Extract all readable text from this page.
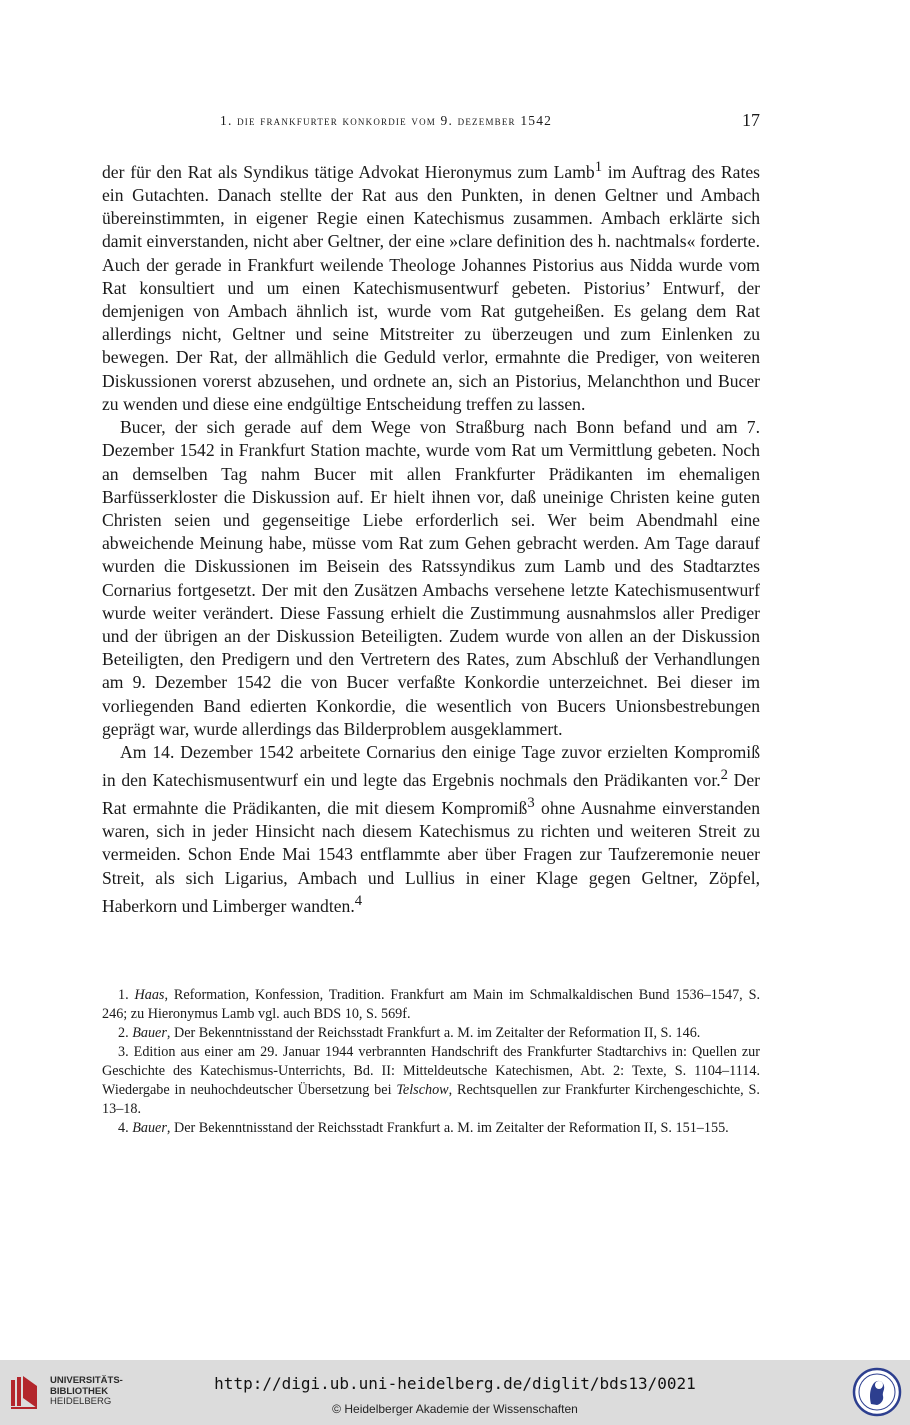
1. die frankfurter konkordie vom 9. dezember 1542	17

der für den Rat als Syndikus tätige Advokat Hieronymus zum Lamb$^1$ im Auftrag des Rates ein Gutachten. Danach stellte der Rat aus den Punkten, in denen Geltner und Ambach übereinstimmten, in eigener Regie einen Katechismus zusammen. Ambach erklärte sich damit einverstanden, nicht aber Geltner, der eine »clare definition des h. nachtmals« forderte. Auch der gerade in Frankfurt weilende Theologe Johannes Pistorius aus Nidda wurde vom Rat konsultiert und um einen Katechismusentwurf gebeten. Pistorius’ Entwurf, der demjenigen von Ambach ähnlich ist, wurde vom Rat gutgeheißen. Es gelang dem Rat allerdings nicht, Geltner und seine Mitstreiter zu überzeugen und zum Einlenken zu bewegen. Der Rat, der allmählich die Geduld verlor, ermahnte die Prediger, von weiteren Diskussionen vorerst abzusehen, und ordnete an, sich an Pistorius, Melanchthon und Bucer zu wenden und diese eine endgültige Entscheidung treffen zu lassen.

Bucer, der sich gerade auf dem Wege von Straßburg nach Bonn befand und am 7. Dezember 1542 in Frankfurt Station machte, wurde vom Rat um Vermittlung gebeten. Noch an demselben Tag nahm Bucer mit allen Frankfurter Prädikanten im ehemaligen Barfüsserkloster die Diskussion auf. Er hielt ihnen vor, daß uneinige Christen keine guten Christen seien und gegenseitige Liebe erforderlich sei. Wer beim Abendmahl eine abweichende Meinung habe, müsse vom Rat zum Gehen gebracht werden. Am Tage darauf wurden die Diskussionen im Beisein des Ratssyndikus zum Lamb und des Stadtarztes Cornarius fortgesetzt. Der mit den Zusätzen Ambachs versehene letzte Katechismusentwurf wurde weiter verändert. Diese Fassung erhielt die Zustimmung ausnahmslos aller Prediger und der übrigen an der Diskussion Beteiligten. Zudem wurde von allen an der Diskussion Beteiligten, den Predigern und den Vertretern des Rates, zum Abschluß der Verhandlungen am 9. Dezember 1542 die von Bucer verfaßte Konkordie unterzeichnet. Bei dieser im vorliegenden Band edierten Konkordie, die wesentlich von Bucers Unionsbestrebungen geprägt war, wurde allerdings das Bilderproblem ausgeklammert.

Am 14. Dezember 1542 arbeitete Cornarius den einige Tage zuvor erzielten Kompromiß in den Katechismusentwurf ein und legte das Ergebnis nochmals den Prädikanten vor.$^2$ Der Rat ermahnte die Prädikanten, die mit diesem Kompromiß$^3$ ohne Ausnahme einverstanden waren, sich in jeder Hinsicht nach diesem Katechismus zu richten und weiteren Streit zu vermeiden. Schon Ende Mai 1543 entflammte aber über Fragen zur Taufzeremonie neuer Streit, als sich Ligarius, Ambach und Lullius in einer Klage gegen Geltner, Zöpfel, Haberkorn und Limberger wandten.$^4$

1. Haas, Reformation, Konfession, Tradition. Frankfurt am Main im Schmalkaldischen Bund 1536–1547, S. 246; zu Hieronymus Lamb vgl. auch BDS 10, S. 569f.

2. Bauer, Der Bekenntnisstand der Reichsstadt Frankfurt a. M. im Zeitalter der Reformation II, S. 146.

3. Edition aus einer am 29. Januar 1944 verbrannten Handschrift des Frankfurter Stadtarchivs in: Quellen zur Geschichte des Katechismus-Unterrichts, Bd. II: Mitteldeutsche Katechismen, Abt. 2: Texte, S. 1104–1114. Wiedergabe in neuhochdeutscher Übersetzung bei Telschow, Rechtsquellen zur Frankfurter Kirchengeschichte, S. 13–18.

4. Bauer, Der Bekenntnisstand der Reichsstadt Frankfurt a. M. im Zeitalter der Reformation II, S. 151–155.

UNIVERSITÄTS-
BIBLIOTHEK
HEIDELBERG
http://digi.ub.uni-heidelberg.de/diglit/bds13/0021
© Heidelberger Akademie der Wissenschaften
